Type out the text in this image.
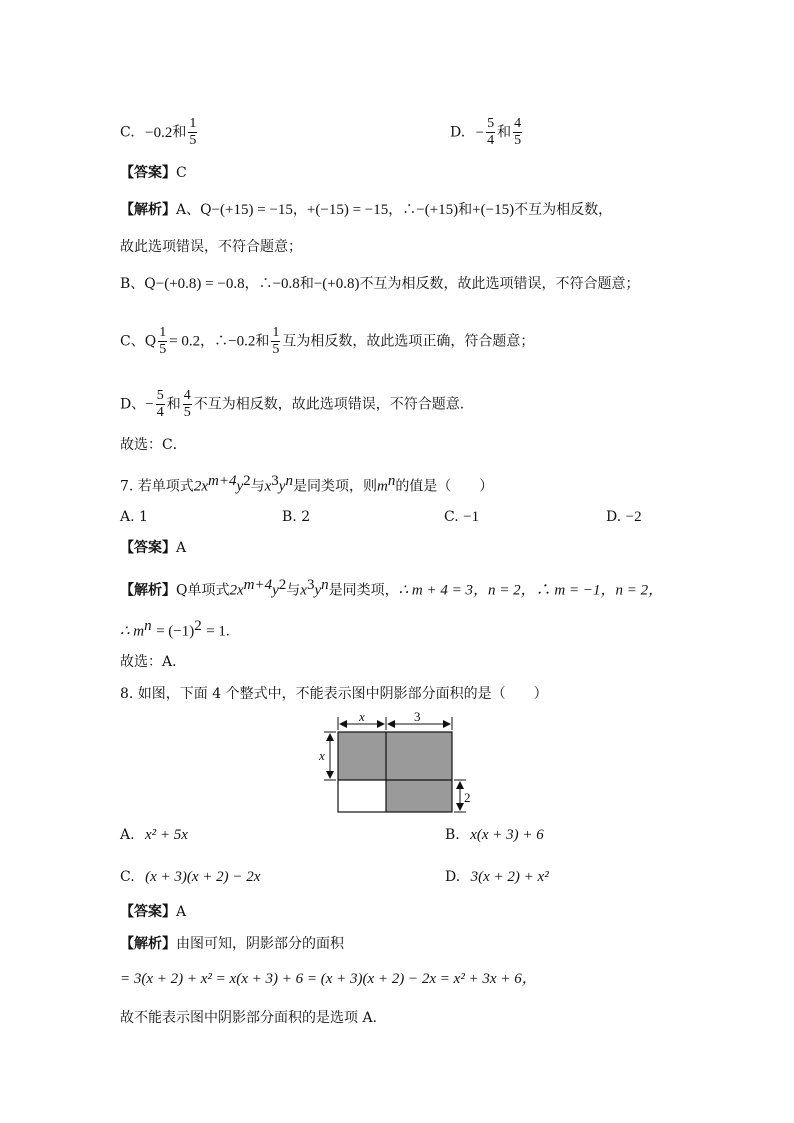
C. −0.2和 $\frac{1}{5}$	D. − $\frac{5}{4}$ 和 $\frac{4}{5}$
【答案】C
【解析】A、Q−(+15) = −15，+(−15) = −15，∴−(+15)和+(−15)不互为相反数，
故此选项错误，不符合题意；
B、Q−(+0.8) = −0.8，∴−0.8和−(+0.8)不互为相反数，故此选项错误，不符合题意；
C、Q $\frac{1}{5} = 0.2$，∴−0.2和 $\frac{1}{5}$ 互为相反数，故此选项正确，符合题意；
D、− $\frac{5}{4}$ 和 $\frac{4}{5}$ 不互为相反数，故此选项错误，不符合题意.
故选：C．
7. 若单项式$2x^{m+4}y^2$与$x^3y^n$是同类项，则$m^n$的值是（　　）
A. 1	B. 2	C. −1	D. −2
【答案】A
【解析】Q单项式$2x^{m+4}y^2$与$x^3y^n$是同类项，∴ m + 4 = 3，n = 2，∴ m = −1，n = 2，
∴ $m^n = (-1)^2 = 1$.
故选：A．
8. 如图，下面 4 个整式中，不能表示图中阴影部分面积的是（　　）
x	3
x
2
A. x² + 5x	B. x(x + 3) + 6
C. (x + 3)(x + 2) − 2x	D. 3(x + 2) + x²
【答案】A
【解析】由图可知，阴影部分的面积
= 3(x + 2) + x² = x(x + 3) + 6 = (x + 3)(x + 2) − 2x = x² + 3x + 6，
故不能表示图中阴影部分面积的是选项 A.
